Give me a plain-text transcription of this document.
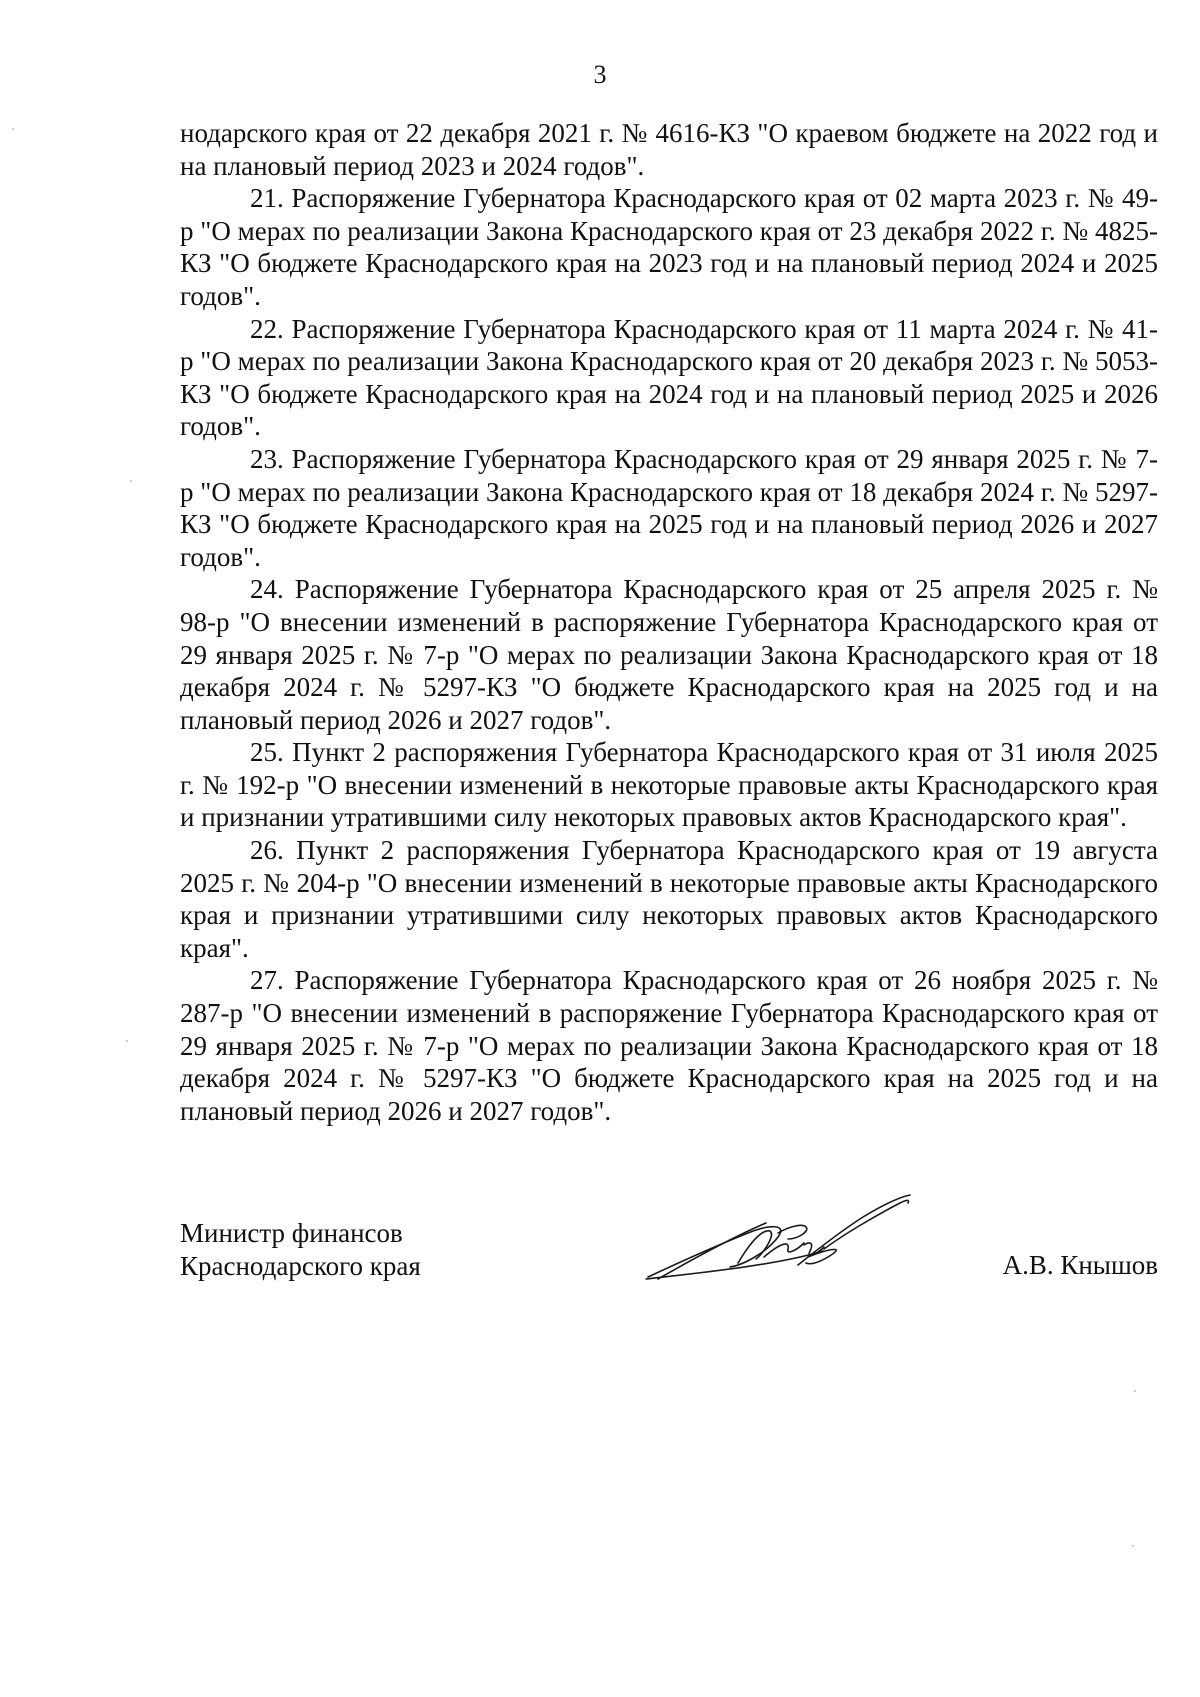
3

нодарского края от 22 декабря 2021 г. № 4616-КЗ "О краевом бюджете на 2022 год и на плановый период 2023 и 2024 годов".

21. Распоряжение Губернатора Краснодарского края от 02 марта 2023 г. № 49-р "О мерах по реализации Закона Краснодарского края от 23 декабря 2022 г. № 4825-КЗ "О бюджете Краснодарского края на 2023 год и на плановый период 2024 и 2025 годов".

22. Распоряжение Губернатора Краснодарского края от 11 марта 2024 г. № 41-р "О мерах по реализации Закона Краснодарского края от 20 декабря 2023 г. № 5053-КЗ "О бюджете Краснодарского края на 2024 год и на плановый период 2025 и 2026 годов".

23. Распоряжение Губернатора Краснодарского края от 29 января 2025 г. № 7-р "О мерах по реализации Закона Краснодарского края от 18 декабря 2024 г. № 5297-КЗ "О бюджете Краснодарского края на 2025 год и на плановый период 2026 и 2027 годов".

24. Распоряжение Губернатора Краснодарского края от 25 апреля 2025 г. № 98-р "О внесении изменений в распоряжение Губернатора Краснодарского края от 29 января 2025 г. № 7-р "О мерах по реализации Закона Краснодарского края от 18 декабря 2024 г. № 5297-КЗ "О бюджете Краснодарского края на 2025 год и на плановый период 2026 и 2027 годов".

25. Пункт 2 распоряжения Губернатора Краснодарского края от 31 июля 2025 г. № 192-р "О внесении изменений в некоторые правовые акты Краснодарского края и признании утратившими силу некоторых правовых актов Краснодарского края".

26. Пункт 2 распоряжения Губернатора Краснодарского края от 19 августа 2025 г. № 204-р "О внесении изменений в некоторые правовые акты Краснодарского края и признании утратившими силу некоторых правовых актов Краснодарского края".

27. Распоряжение Губернатора Краснодарского края от 26 ноября 2025 г. № 287-р "О внесении изменений в распоряжение Губернатора Краснодарского края от 29 января 2025 г. № 7-р "О мерах по реализации Закона Краснодарского края от 18 декабря 2024 г. № 5297-КЗ "О бюджете Краснодарского края на 2025 год и на плановый период 2026 и 2027 годов".

Министр финансов
Краснодарского края	А.В. Кнышов
